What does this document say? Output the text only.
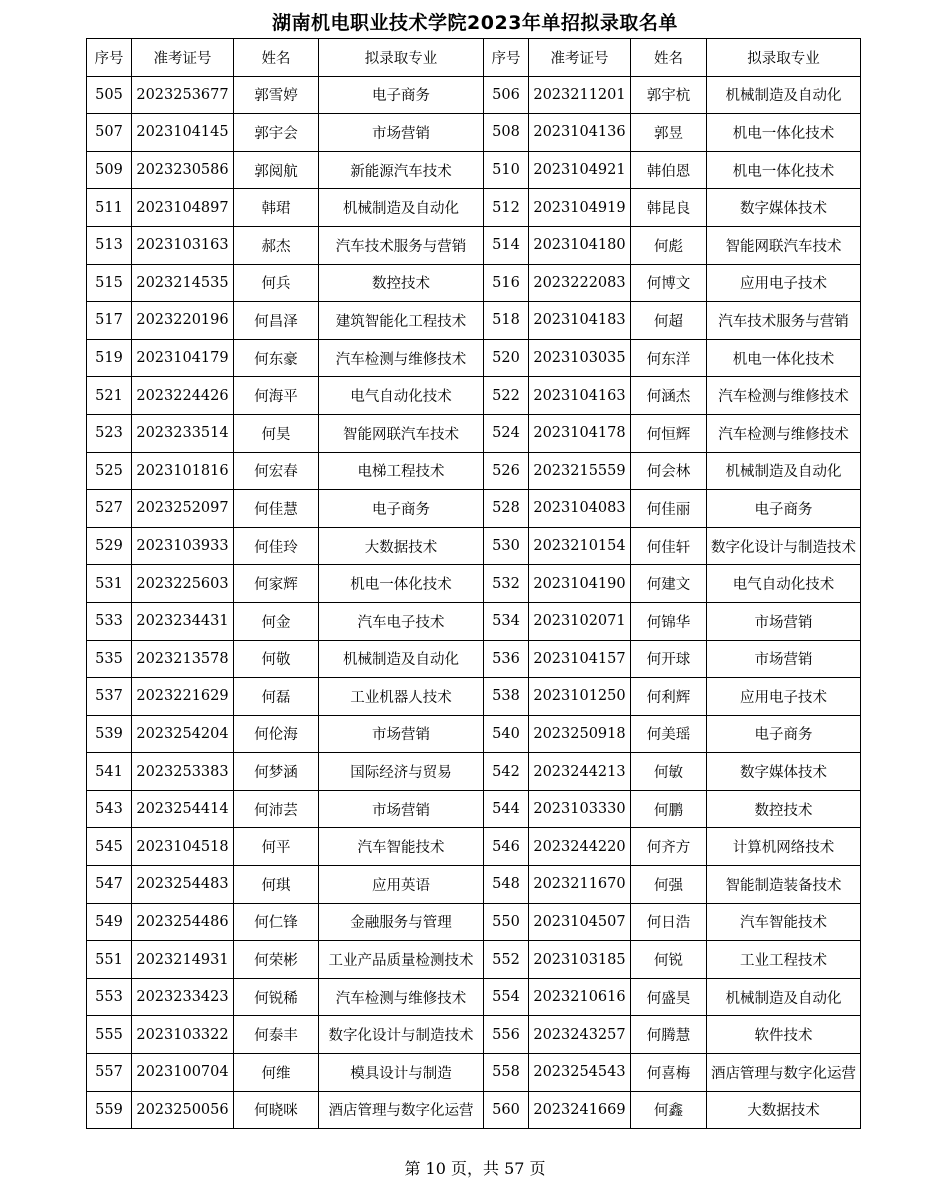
湖南机电职业技术学院2023年单招拟录取名单
序号	准考证号	姓名	拟录取专业	序号	准考证号	姓名	拟录取专业
505	2023253677	郭雪婷	电子商务	506	2023211201	郭宇杭	机械制造及自动化
507	2023104145	郭宇会	市场营销	508	2023104136	郭昱	机电一体化技术
509	2023230586	郭阅航	新能源汽车技术	510	2023104921	韩伯恩	机电一体化技术
511	2023104897	韩珺	机械制造及自动化	512	2023104919	韩昆良	数字媒体技术
513	2023103163	郝杰	汽车技术服务与营销	514	2023104180	何彪	智能网联汽车技术
515	2023214535	何兵	数控技术	516	2023222083	何博文	应用电子技术
517	2023220196	何昌泽	建筑智能化工程技术	518	2023104183	何超	汽车技术服务与营销
519	2023104179	何东豪	汽车检测与维修技术	520	2023103035	何东洋	机电一体化技术
521	2023224426	何海平	电气自动化技术	522	2023104163	何涵杰	汽车检测与维修技术
523	2023233514	何昊	智能网联汽车技术	524	2023104178	何恒辉	汽车检测与维修技术
525	2023101816	何宏春	电梯工程技术	526	2023215559	何会林	机械制造及自动化
527	2023252097	何佳慧	电子商务	528	2023104083	何佳丽	电子商务
529	2023103933	何佳玲	大数据技术	530	2023210154	何佳轩	数字化设计与制造技术
531	2023225603	何家辉	机电一体化技术	532	2023104190	何建文	电气自动化技术
533	2023234431	何金	汽车电子技术	534	2023102071	何锦华	市场营销
535	2023213578	何敬	机械制造及自动化	536	2023104157	何开球	市场营销
537	2023221629	何磊	工业机器人技术	538	2023101250	何利辉	应用电子技术
539	2023254204	何伦海	市场营销	540	2023250918	何美瑶	电子商务
541	2023253383	何梦涵	国际经济与贸易	542	2023244213	何敏	数字媒体技术
543	2023254414	何沛芸	市场营销	544	2023103330	何鹏	数控技术
545	2023104518	何平	汽车智能技术	546	2023244220	何齐方	计算机网络技术
547	2023254483	何琪	应用英语	548	2023211670	何强	智能制造装备技术
549	2023254486	何仁锋	金融服务与管理	550	2023104507	何日浩	汽车智能技术
551	2023214931	何荣彬	工业产品质量检测技术	552	2023103185	何锐	工业工程技术
553	2023233423	何锐稀	汽车检测与维修技术	554	2023210616	何盛昊	机械制造及自动化
555	2023103322	何泰丰	数字化设计与制造技术	556	2023243257	何腾慧	软件技术
557	2023100704	何维	模具设计与制造	558	2023254543	何喜梅	酒店管理与数字化运营
559	2023250056	何晓咪	酒店管理与数字化运营	560	2023241669	何鑫	大数据技术
第 10 页，共 57 页
